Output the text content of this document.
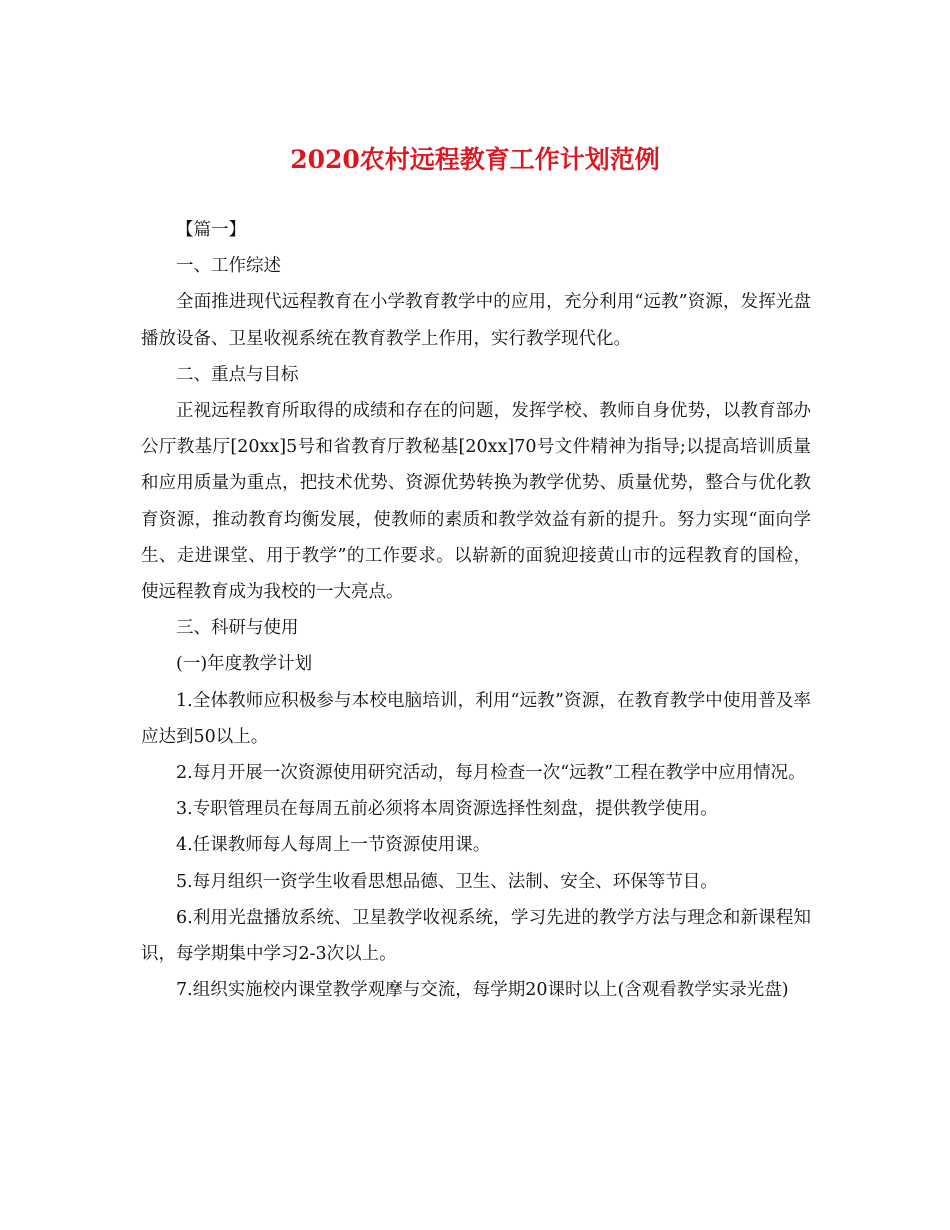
2020农村远程教育工作计划范例

【篇一】

一、工作综述

全面推进现代远程教育在小学教育教学中的应用，充分利用“远教”资源，发挥光盘播放设备、卫星收视系统在教育教学上作用，实行教学现代化。

二、重点与目标

正视远程教育所取得的成绩和存在的问题，发挥学校、教师自身优势，以教育部办公厅教基厅[20xx]5号和省教育厅教秘基[20xx]70号文件精神为指导;以提高培训质量和应用质量为重点，把技术优势、资源优势转换为教学优势、质量优势，整合与优化教育资源，推动教育均衡发展，使教师的素质和教学效益有新的提升。努力实现“面向学生、走进课堂、用于教学”的工作要求。以崭新的面貌迎接黄山市的远程教育的国检，使远程教育成为我校的一大亮点。

三、科研与使用

(一)年度教学计划

1.全体教师应积极参与本校电脑培训，利用“远教”资源，在教育教学中使用普及率应达到50以上。

2.每月开展一次资源使用研究活动，每月检查一次“远教”工程在教学中应用情况。

3.专职管理员在每周五前必须将本周资源选择性刻盘，提供教学使用。

4.任课教师每人每周上一节资源使用课。

5.每月组织一资学生收看思想品德、卫生、法制、安全、环保等节目。

6.利用光盘播放系统、卫星教学收视系统，学习先进的教学方法与理念和新课程知识，每学期集中学习2-3次以上。

7.组织实施校内课堂教学观摩与交流，每学期20课时以上(含观看教学实录光盘)
